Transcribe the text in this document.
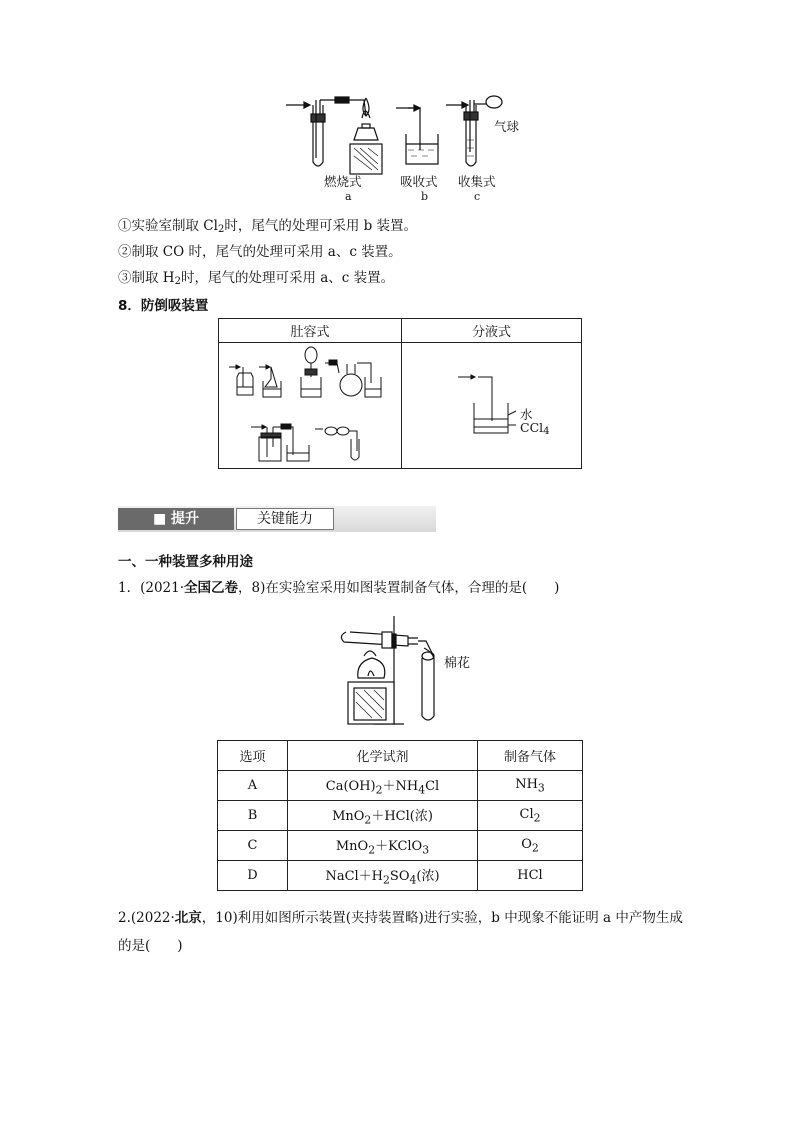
气球
燃烧式	吸收式 收集式
a	b	c
①实验室制取 $Cl_2$时，尾气的处理可采用 b 装置。
②制取 CO 时，尾气的处理可采用 a、c 装置。
③制取 $H_2$时，尾气的处理可采用 a、c 装置。
8．防倒吸装置
肚容式	分液式

水
CCl$_4$
■ 提升	关键能力
一、一种装置多种用途
1．(2021·全国乙卷，8)在实验室采用如图装置制备气体，合理的是(　　)
棉花
选项	化学试剂	制备气体
A	$Ca(OH)_2+NH_4Cl$	$NH_3$
B	MnO$_2$＋HCl(浓)	$Cl_2$
C	MnO$_2$＋KClO$_3$	$O_2$
D	$NaCl+H_2SO_4$(浓)	HCl
2.(2022·北京，10)利用如图所示装置(夹持装置略)进行实验，b 中现象不能证明 a 中产物生成
的是(　　)
